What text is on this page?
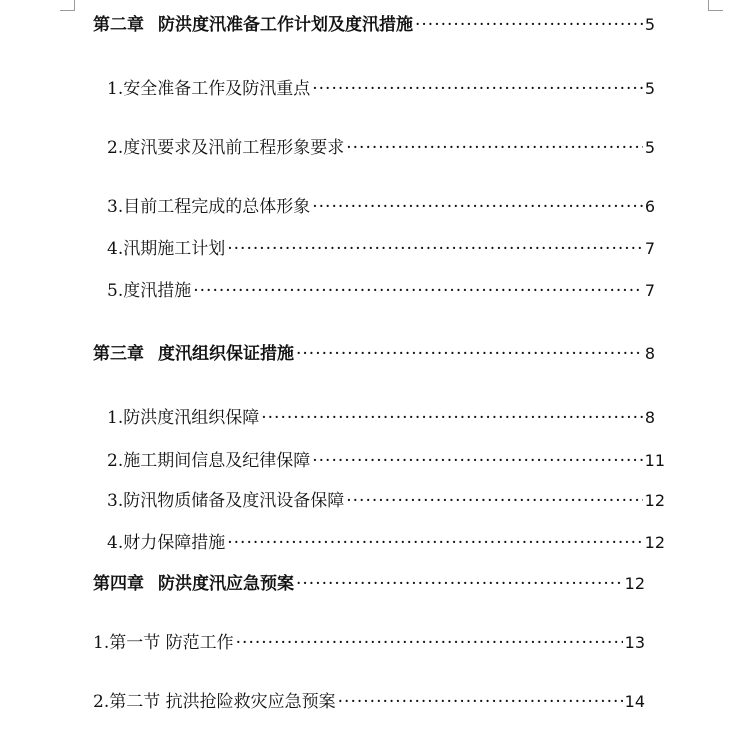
第二章 防洪度汛准备工作计划及度汛措施 ·····	5
1. 安全准备工作及防汛重点 ·····	5
2. 度汛要求及汛前工程形象要求 ·····	5
3. 目前工程完成的总体形象 ·····	6
4. 汛期施工计划 ·····	7
5. 度汛措施 ·····	7
第三章 度汛组织保证措施 ·····	8
1. 防洪度汛组织保障 ·····	8
2. 施工期间信息及纪律保障 ·····	11
3. 防汛物质储备及度汛设备保障 ·····	12
4. 财力保障措施 ·····	12
第四章 防洪度汛应急预案 ·····	12
1. 第一节 防范工作 ·····	13
2. 第二节 抗洪抢险救灾应急预案 ·····	14
